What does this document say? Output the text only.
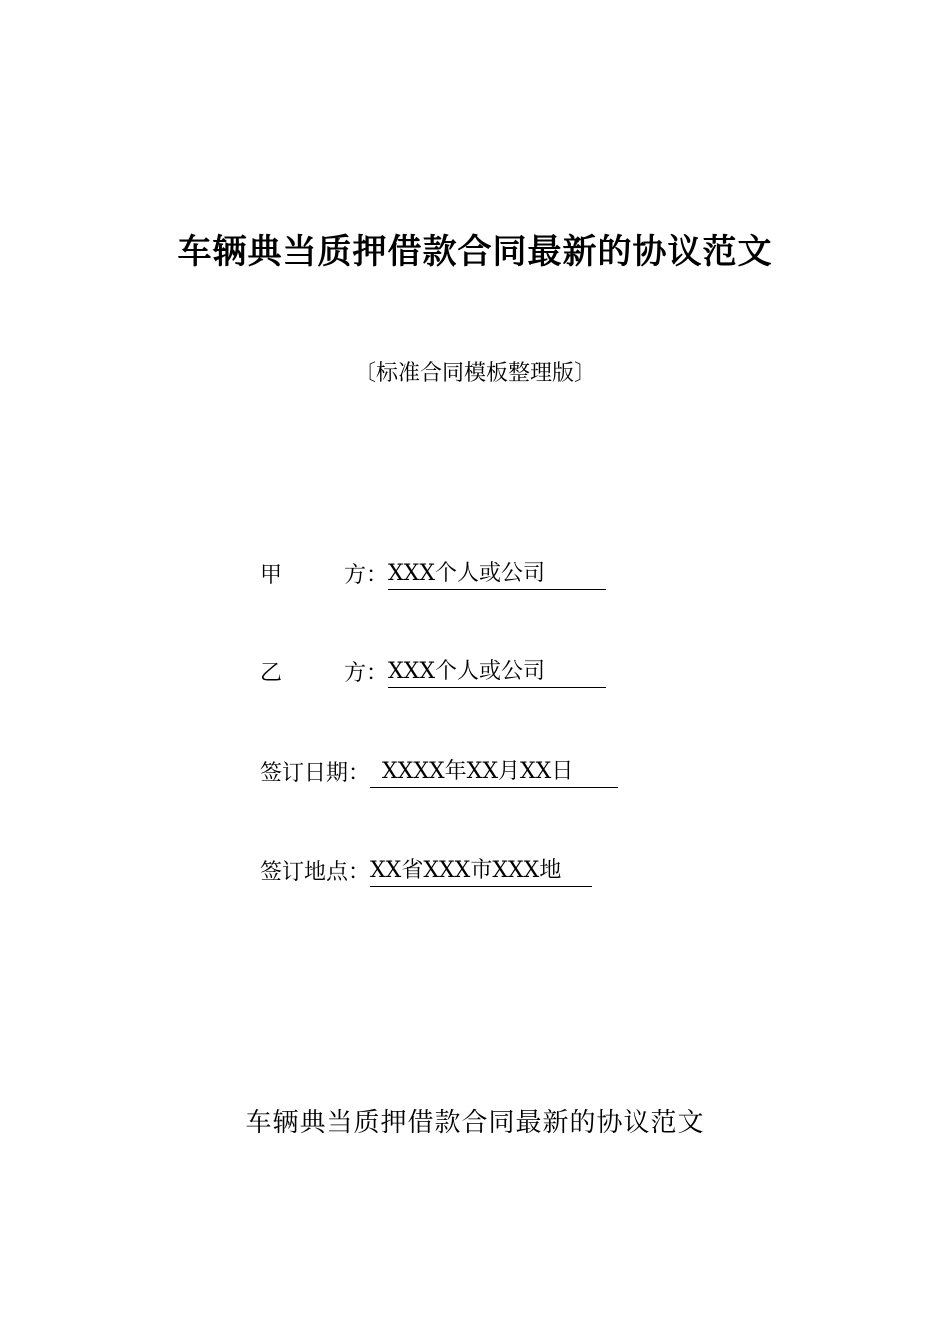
车辆典当质押借款合同最新的协议范文
〔标准合同模板整理版〕
甲	方： XXX个人或公司
乙	方： XXX个人或公司
签订日期： XXXX年XX月XX日
签订地点：XX省XXX市XXX地
车辆典当质押借款合同最新的协议范文
